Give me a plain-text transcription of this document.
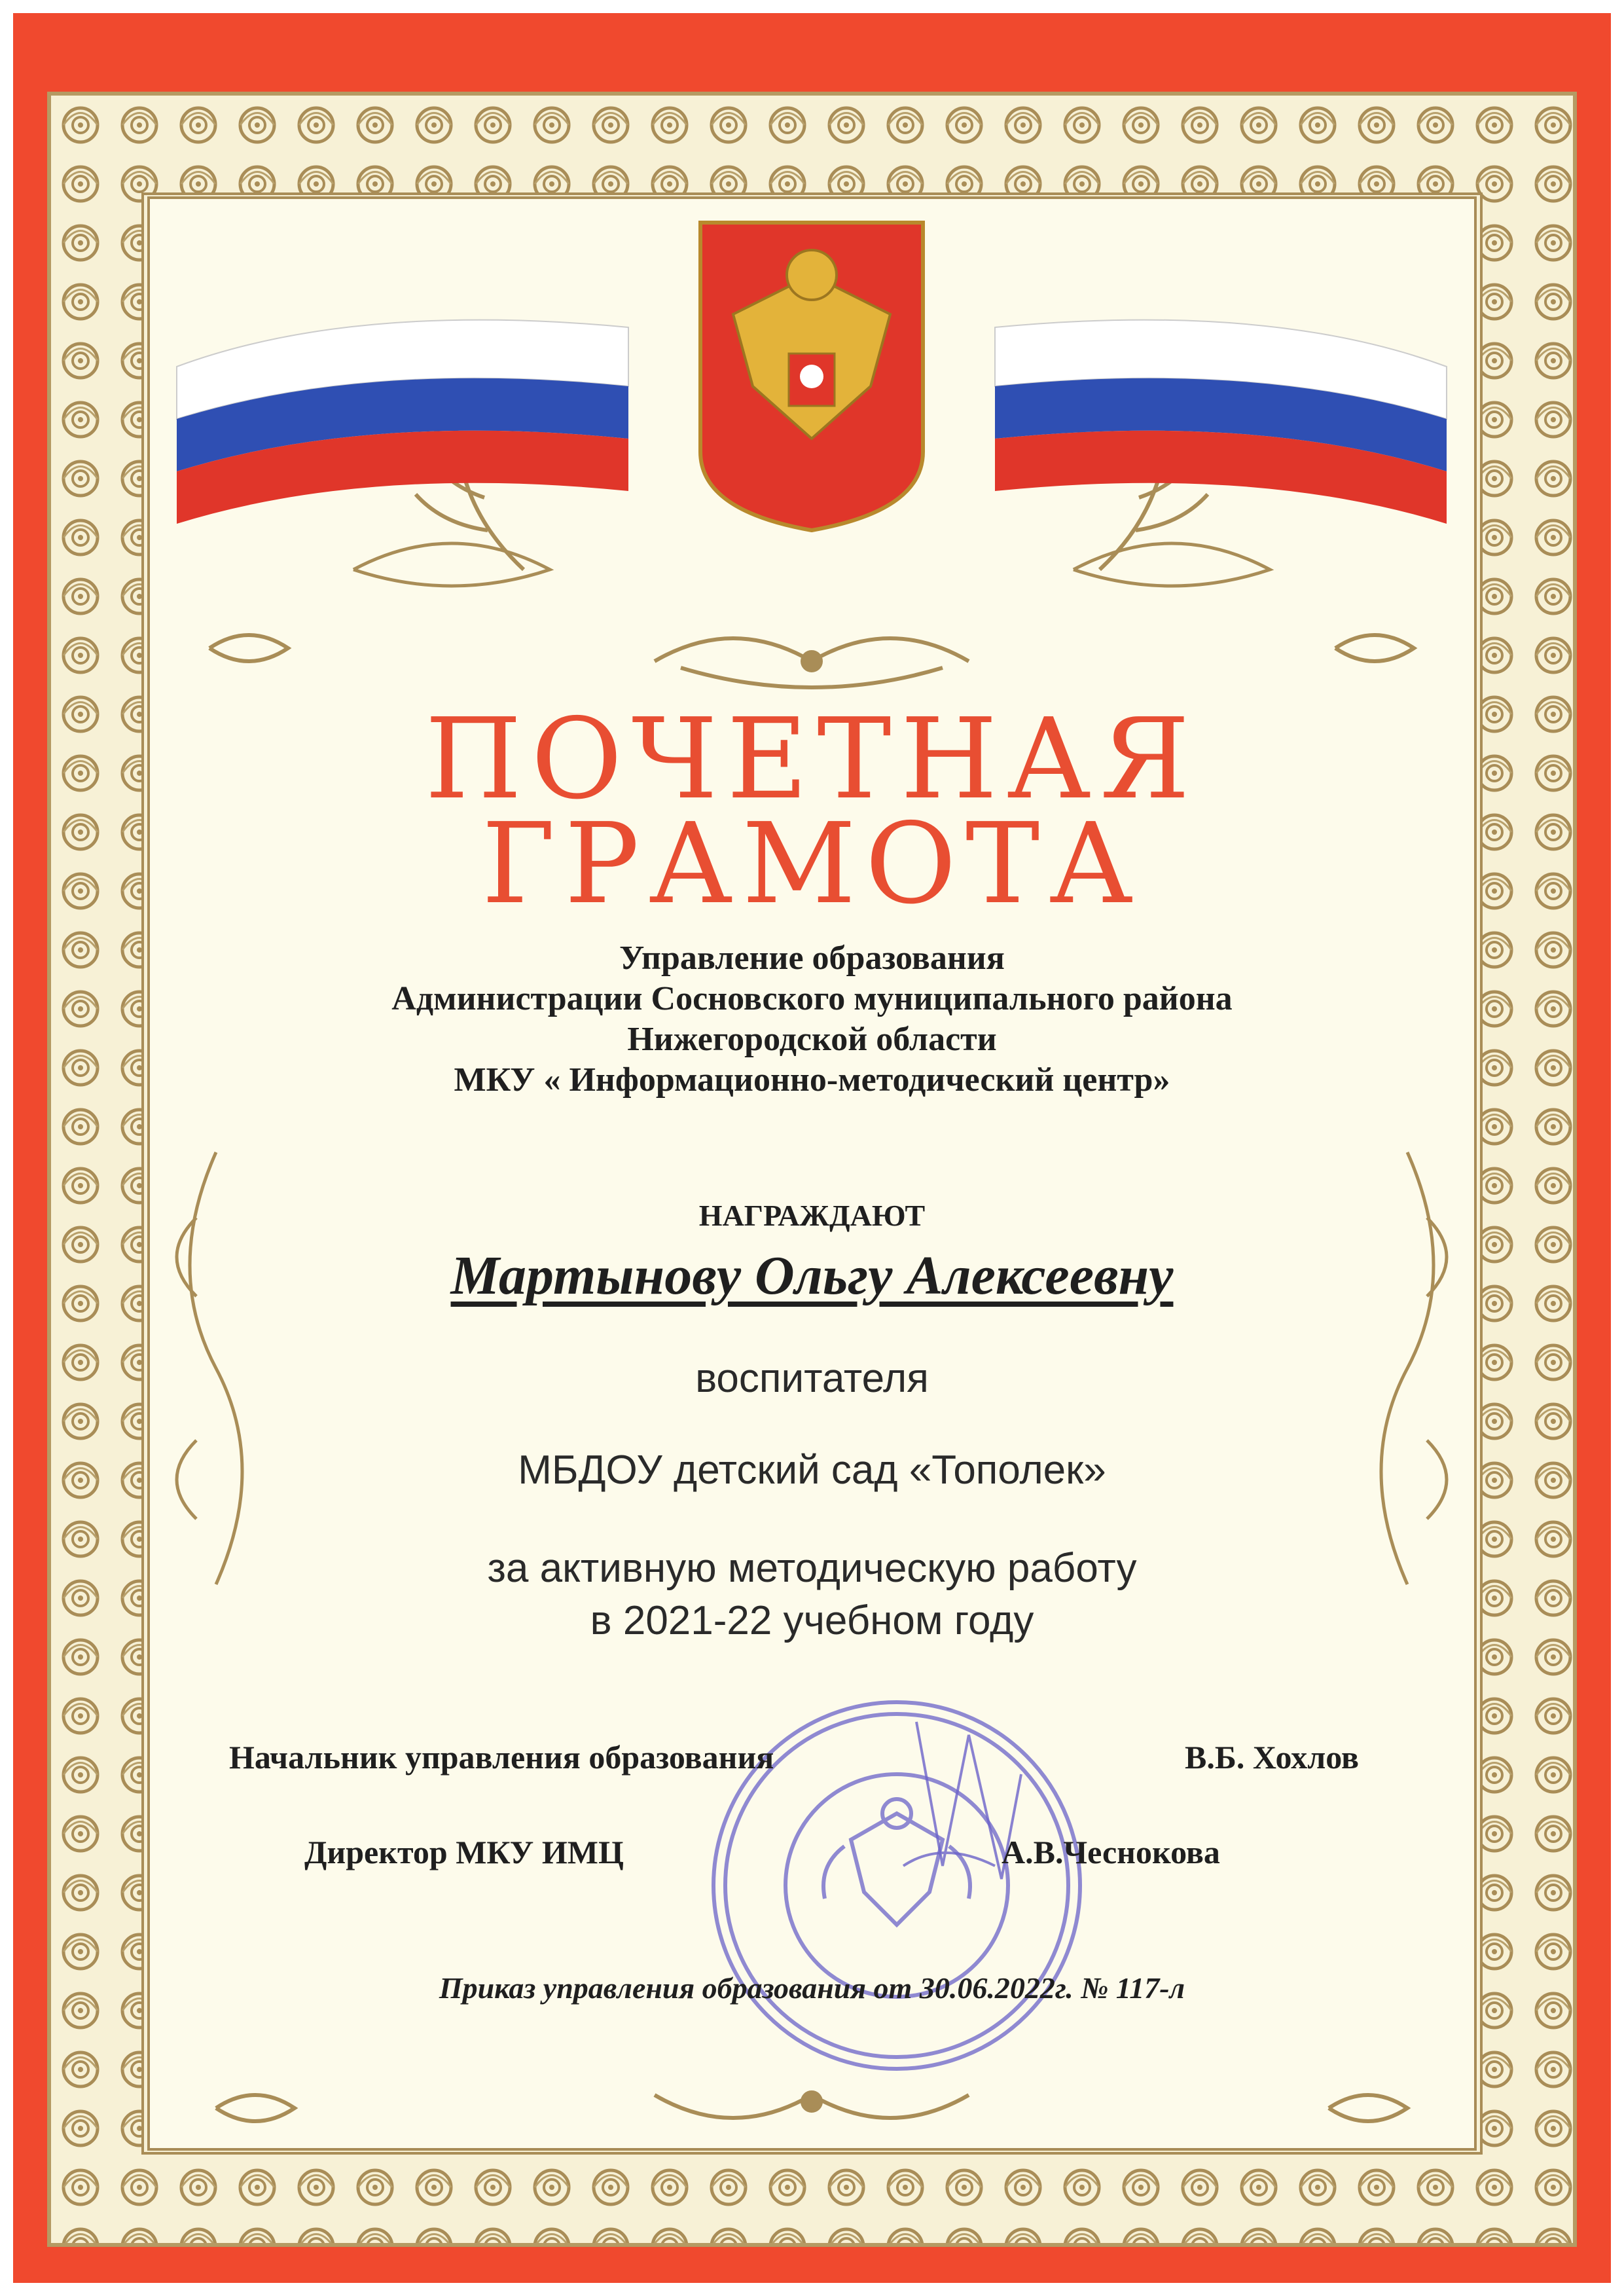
ПОЧЕТНАЯ
ГРАМОТА
Управление образования
Администрации Сосновского муниципального района
Нижегородской области
МКУ « Информационно-методический центр»
НАГРАЖДАЮТ
Мартынову Ольгу Алексеевну
воспитателя
МБДОУ детский сад «Тополек»
за активную методическую работу
в 2021-22 учебном году
Начальник управления образования	В.Б. Хохлов
Директор МКУ ИМЦ	А.В.Чеснокова
Приказ управления образования от 30.06.2022г. № 117-л
